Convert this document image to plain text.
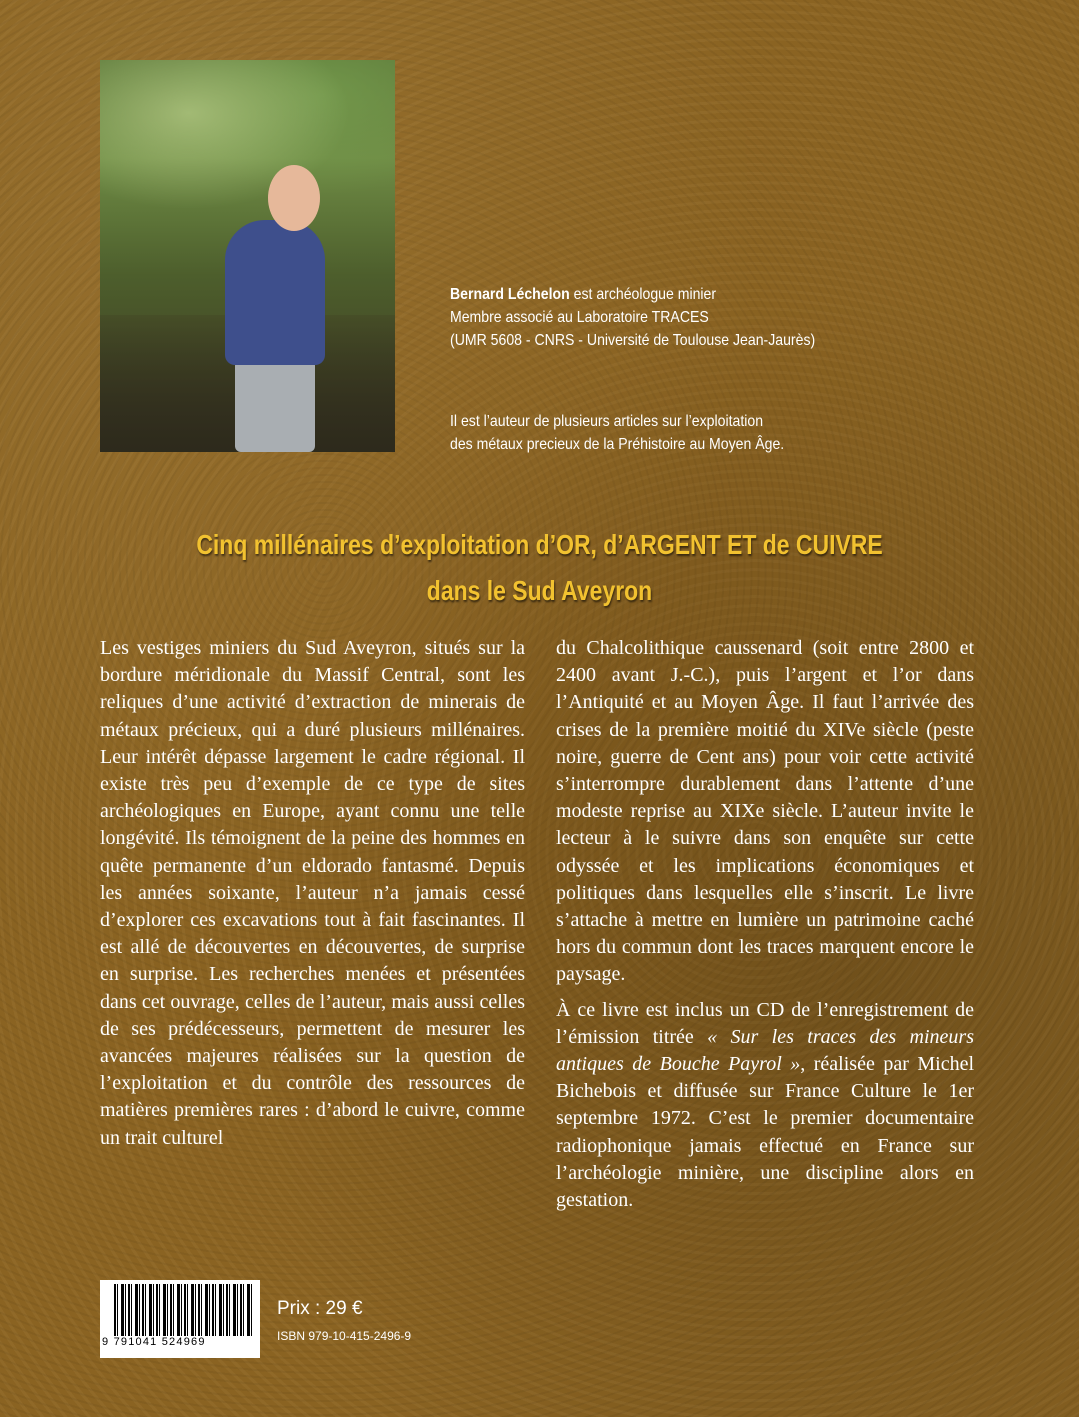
Bernard Léchelon est archéologue minier
Membre associé au Laboratoire TRACES
(UMR 5608 - CNRS - Université de Toulouse Jean-Jaurès)
Il est l’auteur de plusieurs articles sur l’exploitation
des métaux precieux de la Préhistoire au Moyen Âge.
Cinq millénaires d’exploitation d’OR, d’ARGENT ET de CUIVRE
dans le Sud Aveyron

Les vestiges miniers du Sud Aveyron, situés sur la bordure méridionale du Massif Central, sont les reliques d’une activité d’extraction de minerais de métaux précieux, qui a duré plusieurs millénaires. Leur intérêt dépasse largement le cadre régional. Il existe très peu d’exemple de ce type de sites archéologiques en Europe, ayant connu une telle longévité. Ils témoignent de la peine des hommes en quête permanente d’un eldorado fantasmé. Depuis les années soixante, l’auteur n’a jamais cessé d’explorer ces excavations tout à fait fascinantes. Il est allé de découvertes en découvertes, de surprise en surprise. Les recherches menées et présentées dans cet ouvrage, celles de l’auteur, mais aussi celles de ses prédécesseurs, permettent de mesurer les avancées majeures réalisées sur la question de l’exploitation et du contrôle des ressources de matières premières rares : d’abord le cuivre, comme un trait culturel

du Chalcolithique caussenard (soit entre 2800 et 2400 avant J.-C.), puis l’argent et l’or dans l’Antiquité et au Moyen Âge. Il faut l’arrivée des crises de la première moitié du XIVe siècle (peste noire, guerre de Cent ans) pour voir cette activité s’interrompre durablement dans l’attente d’une modeste reprise au XIXe siècle. L’auteur invite le lecteur à le suivre dans son enquête sur cette odyssée et les implications économiques et politiques dans lesquelles elle s’inscrit. Le livre s’attache à mettre en lumière un patrimoine caché hors du commun dont les traces marquent encore le paysage.

À ce livre est inclus un CD de l’enregistrement de l’émission titrée « Sur les traces des mineurs antiques de Bouche Payrol », réalisée par Michel Bichebois et diffusée sur France Culture le 1er septembre 1972. C’est le premier documentaire radiophonique jamais effectué en France sur l’archéologie minière, une discipline alors en gestation.

9 791041 524969
Prix : 29 €
ISBN 979-10-415-2496-9
